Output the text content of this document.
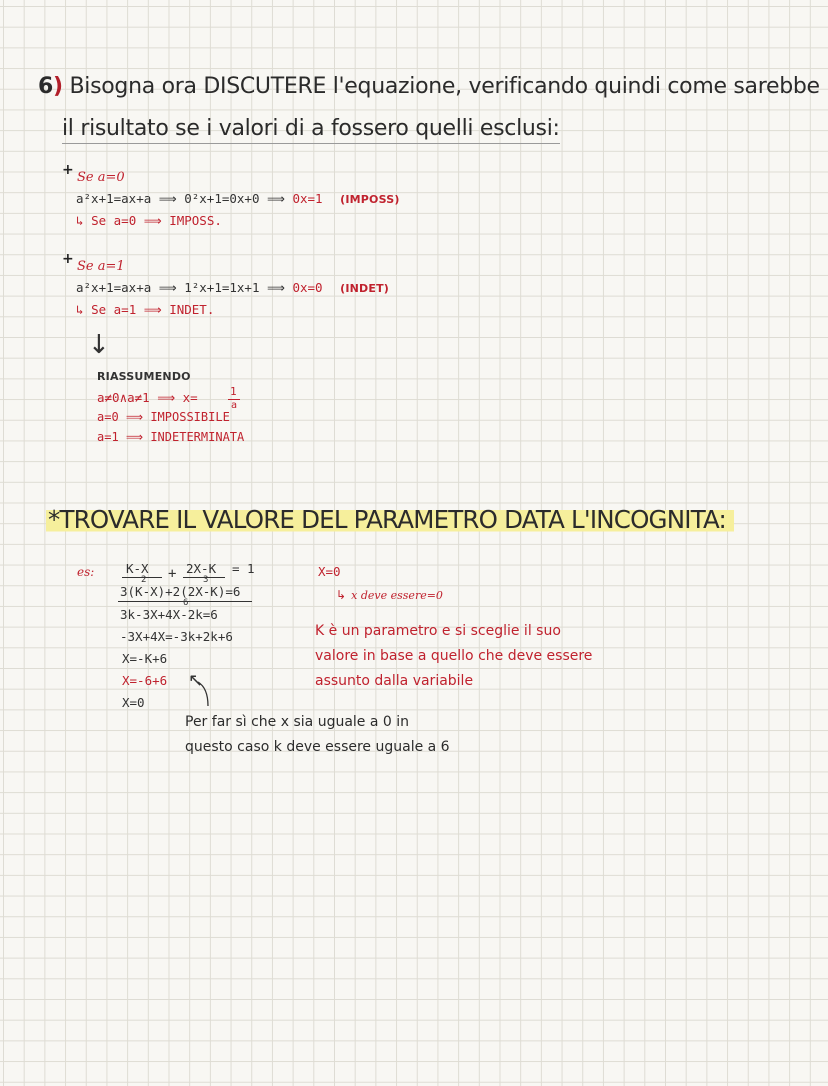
6) Bisogna ora DISCUTERE l'equazione, verificando quindi come sarebbe
il risultato se i valori di a fossero quelli esclusi:
+ Se a=0
a²x+1=ax+a ⟹ 0²x+1=0x+0 ⟹ 0x=1 (IMPOSS)
↳ Se a=0 ⟹ IMPOSS.
+ Se a=1
a²x+1=ax+a ⟹ 1²x+1=1x+1 ⟹ 0x=0 (INDET)
↳ Se a=1 ⟹ INDET.
↓
RIASSUMENDO
a≠0∧a≠1 ⟹ x=	1
a
a=0 ⟹ IMPOSSIBILE
a=1 ⟹ INDETERMINATA
*TROVARE IL VALORE DEL PARAMETRO DATA L'INCOGNITA:
es:	K-X
2 + 2X-K
3
= 1
3(K-X)+2(2X-K)=6
6
3k-3X+4X-2k=6
-3X+4X=-3k+2k+6
X=-K+6
X=-6+6 ↖
X=0
X=0
↳ x deve essere=0
K è un parametro e si sceglie il suo
valore in base a quello che deve essere
assunto dalla variabile
Per far sì che x sia uguale a 0 in
questo caso k deve essere uguale a 6
